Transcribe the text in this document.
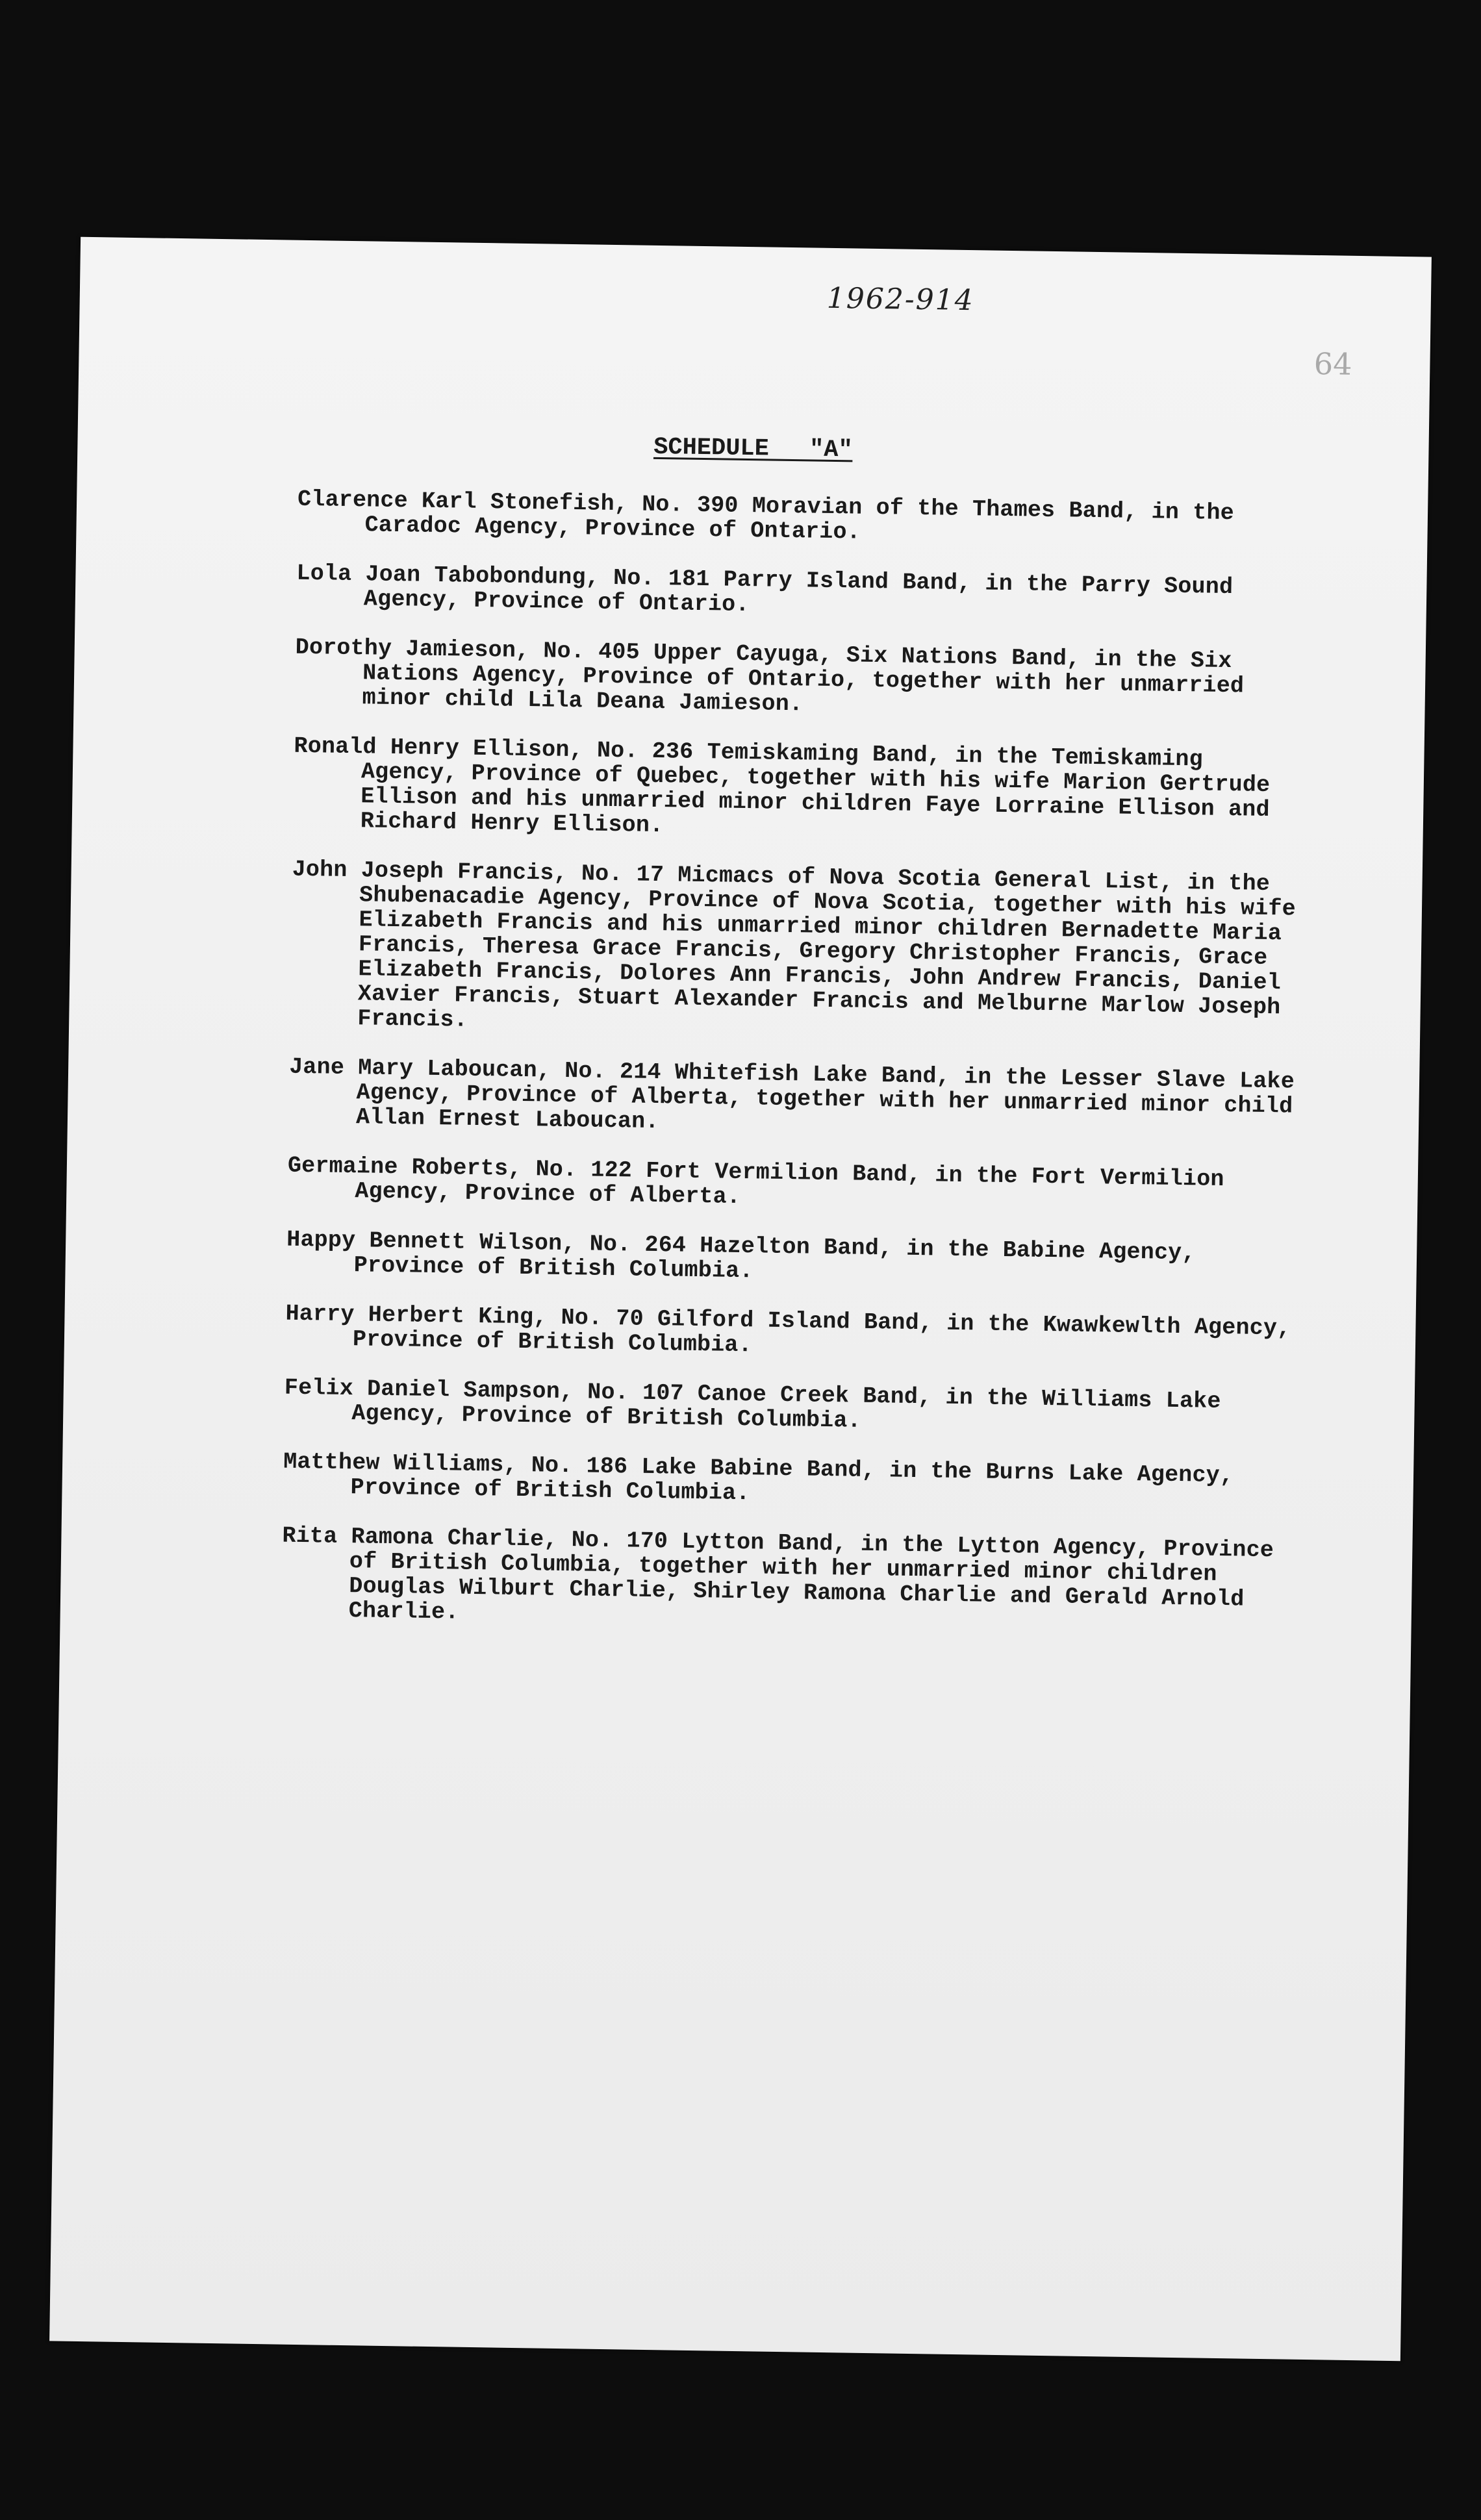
1962-914
64
SCHEDULE "A"
Clarence Karl Stonefish, No. 390 Moravian of the Thames Band, in the Caradoc Agency, Province of Ontario.
Lola Joan Tabobondung, No. 181 Parry Island Band, in the Parry Sound Agency, Province of Ontario.
Dorothy Jamieson, No. 405 Upper Cayuga, Six Nations Band, in the Six Nations Agency, Province of Ontario, together with her unmarried minor child Lila Deana Jamieson.
Ronald Henry Ellison, No. 236 Temiskaming Band, in the Temiskaming Agency, Province of Quebec, together with his wife Marion Gertrude Ellison and his unmarried minor children Faye Lorraine Ellison and Richard Henry Ellison.
John Joseph Francis, No. 17 Micmacs of Nova Scotia General List, in the Shubenacadie Agency, Province of Nova Scotia, together with his wife Elizabeth Francis and his unmarried minor children Bernadette Maria Francis, Theresa Grace Francis, Gregory Christopher Francis, Grace Elizabeth Francis, Dolores Ann Francis, John Andrew Francis, Daniel Xavier Francis, Stuart Alexander Francis and Melburne Marlow Joseph Francis.
Jane Mary Laboucan, No. 214 Whitefish Lake Band, in the Lesser Slave Lake Agency, Province of Alberta, together with her unmarried minor child Allan Ernest Laboucan.
Germaine Roberts, No. 122 Fort Vermilion Band, in the Fort Vermilion Agency, Province of Alberta.
Happy Bennett Wilson, No. 264 Hazelton Band, in the Babine Agency, Province of British Columbia.
Harry Herbert King, No. 70 Gilford Island Band, in the Kwawkewlth Agency, Province of British Columbia.
Felix Daniel Sampson, No. 107 Canoe Creek Band, in the Williams Lake Agency, Province of British Columbia.
Matthew Williams, No. 186 Lake Babine Band, in the Burns Lake Agency, Province of British Columbia.
Rita Ramona Charlie, No. 170 Lytton Band, in the Lytton Agency, Province of British Columbia, together with her unmarried minor children Douglas Wilburt Charlie, Shirley Ramona Charlie and Gerald Arnold Charlie.
